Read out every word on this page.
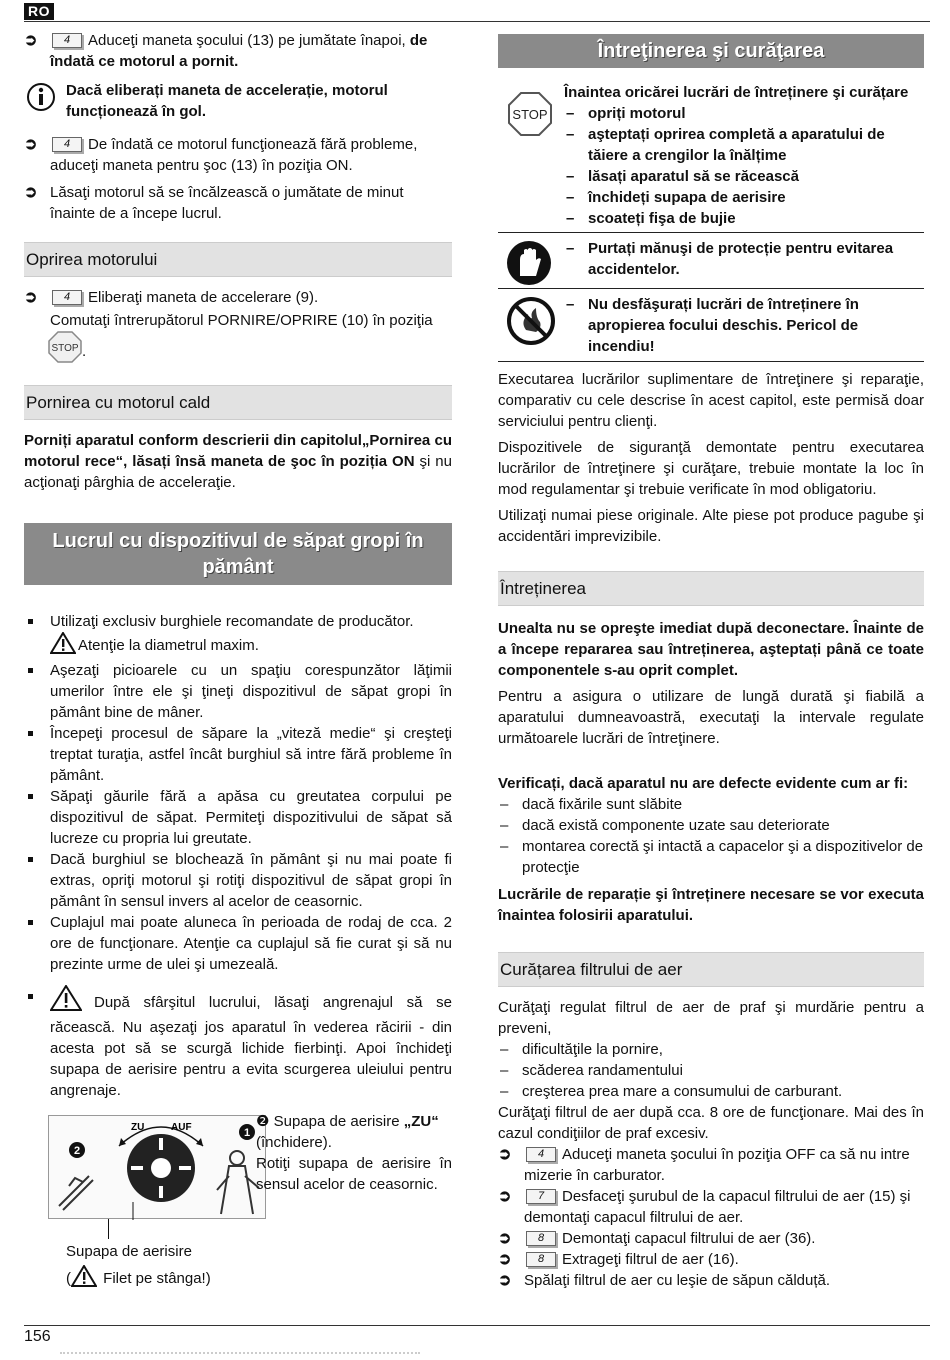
RO
➲ 4 Aduceţi maneta şocului (13) pe jumătate înapoi, de îndată ce motorul a pornit.
Dacă eliberați maneta de accelerație, motorul funcționează în gol.
➲ 4 De îndată ce motorul funcţionează fără probleme, aduceţi maneta pentru şoc (13) în poziţia ON.
➲ Lăsaţi motorul să se încălzească o jumătate de minut înainte de a începe lucrul.
Oprirea motorului
➲ 4 Eliberaţi maneta de accelerare (9).

Comutaţi întrerupătorul PORNIRE/OPRIRE (10) în poziţia

STOP .
Pornirea cu motorul cald

Porniți aparatul conform descrierii din capitolul„Pornirea cu motorul rece“, lăsați însă maneta de şoc în poziția ON şi nu acţionaţi pârghia de acceleraţie.

Lucrul cu dispozitivul de săpat gropi în pământ
Utilizaţi exclusiv burghiele recomandate de producător.
Atenţie la diametrul maxim.
Aşezaţi picioarele cu un spaţiu corespunzător lăţimii umerilor între ele şi ţineţi dispozitivul de săpat gropi în pământ bine de mâner.
Începeţi procesul de săpare la „viteză medie“ şi creşteţi treptat turaţia, astfel încât burghiul să intre fără probleme în pământ.
Săpaţi găurile fără a apăsa cu greutatea corpului pe dispozitivul de săpat. Permiteţi dispozitivului de săpat să lucreze cu propria lui greutate.
Dacă burghiul se blochează în pământ şi nu mai poate fi extras, opriţi motorul şi rotiţi dispozitivul de săpat gropi în pământ în sensul invers al acelor de ceasornic.
Cuplajul mai poate aluneca în perioada de rodaj de cca. 2 ore de funcţionare. Atenţie ca cuplajul să fie curat şi să nu prezinte urme de ulei şi umezeală.
După sfârşitul lucrului, lăsaţi angrenajul să se răcească. Nu aşezaţi jos aparatul în vederea răcirii - din acesta pot să se scurgă lichide fierbinţi. Apoi închideţi supapa de aerisire pentru a evita scurgerea uleiului pentru angrenaje.
ZU	AUF	1
2
❷ Supapa de aerisire „ZU“ (închidere).

Rotiţi supapa de aerisire în sensul acelor de ceasornic.

Supapa de aerisire
( Filet pe stânga!)
Întreţinerea şi curăţarea
STOP
Înaintea oricărei lucrări de întreținere şi curățare
– opriți motorul
– aşteptați oprirea completă a aparatului de tăiere a crengilor la înălțime
– lăsați aparatul să se răcească
– închideți supapa de aerisire
– scoateți fişa de bujie
– Purtați mănuşi de protecție pentru evitarea accidentelor.
– Nu desfăşurați lucrări de întreținere în apropierea focului deschis. Pericol de incendiu!

Executarea lucrărilor suplimentare de întreţinere şi reparaţie, comparativ cu cele descrise în acest capitol, este permisă doar serviciului pentru clienţi.

Dispozitivele de siguranţă demontate pentru executarea lucrărilor de întreţinere şi curăţare, trebuie montate la loc în mod regulamentar şi trebuie verificate în mod obligatoriu.

Utilizaţi numai piese originale. Alte piese pot produce pagube şi accidentări imprevizibile.

Întreținerea

Unealta nu se opreşte imediat după deconectare. Înainte de a începe repararea sau întreținerea, aşteptați până ce toate componentele s-au oprit complet.

Pentru a asigura o utilizare de lungă durată şi fiabilă a aparatului dumneavoastră, executaţi la intervale regulate următoarele lucrări de întreţinere.

Verificați, dacă aparatul nu are defecte evidente cum ar fi:
– dacă fixările sunt slăbite
– dacă există componente uzate sau deteriorate
– montarea corectă şi intactă a capacelor şi a dispozitivelor de protecţie

Lucrările de reparație şi întreținere necesare se vor executa înaintea folosirii aparatului.

Curățarea filtrului de aer

Curăţaţi regulat filtrul de aer de praf şi murdărie pentru a preveni,

– dificultăţile la pornire,
– scăderea randamentului
– creşterea prea mare a consumului de carburant.

Curăţaţi filtrul de aer după cca. 8 ore de funcţionare. Mai des în cazul condiţiilor de praf excesiv.

➲ 4 Aduceţi maneta şocului în poziţia OFF ca să nu intre mizerie în carburator.
➲ 7 Desfaceţi şurubul de la capacul filtrului de aer (15) şi demontaţi capacul filtrului de aer.
➲ 8 Demontaţi capacul filtrului de aer (36).
➲ 8 Extrageţi filtrul de aer (16).
➲ Spălaţi filtrul de aer cu leşie de săpun călduță.
156
